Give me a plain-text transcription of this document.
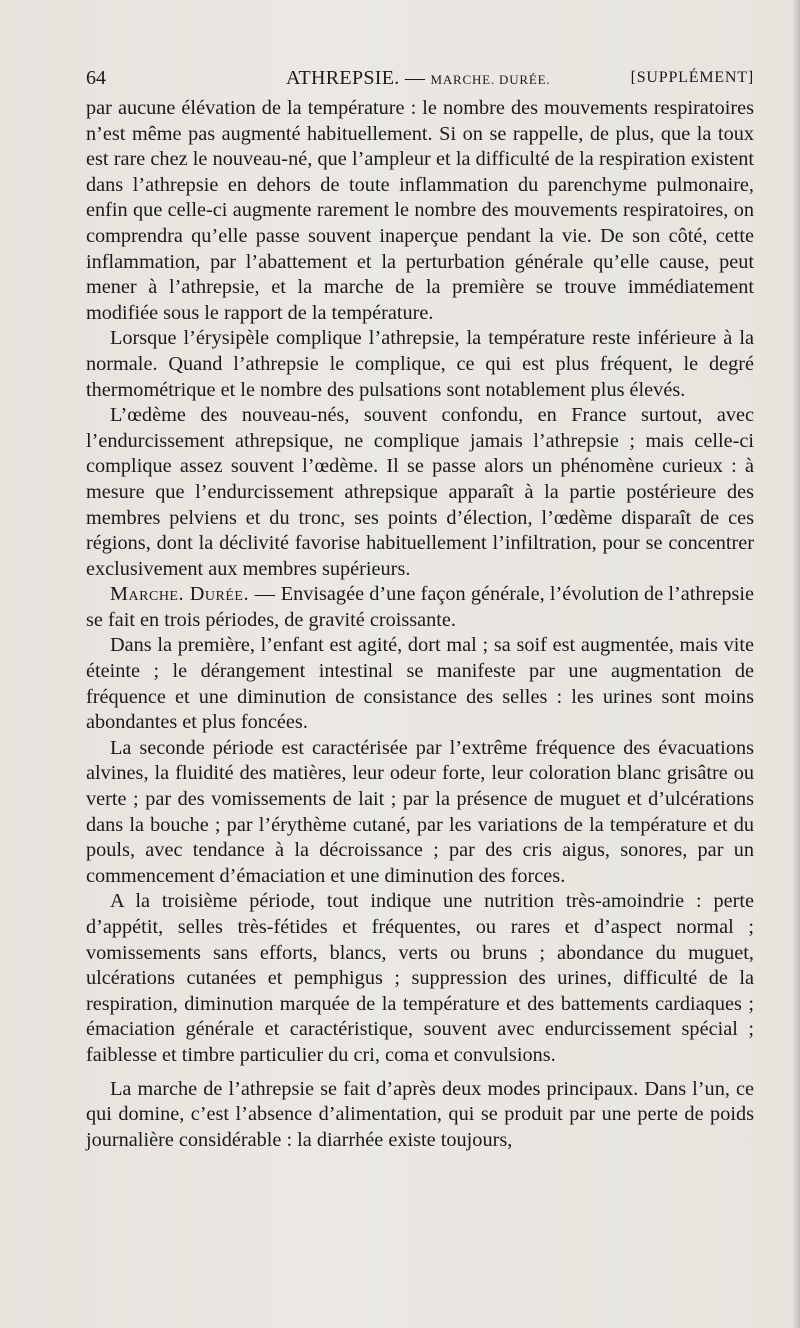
64	ATHREPSIE. — MARCHE. DURÉE.	[SUPPLÉMENT]

par aucune élévation de la température : le nombre des mouvements respiratoires n’est même pas augmenté habituellement. Si on se rappelle, de plus, que la toux est rare chez le nouveau-né, que l’ampleur et la difficulté de la respiration existent dans l’athrepsie en dehors de toute inflammation du parenchyme pulmonaire, enfin que celle-ci augmente rarement le nombre des mouvements respiratoires, on comprendra qu’elle passe souvent inaperçue pendant la vie. De son côté, cette inflammation, par l’abattement et la perturbation générale qu’elle cause, peut mener à l’athrepsie, et la marche de la première se trouve immédiatement modifiée sous le rapport de la température.

Lorsque l’érysipèle complique l’athrepsie, la température reste inférieure à la normale. Quand l’athrepsie le complique, ce qui est plus fréquent, le degré thermométrique et le nombre des pulsations sont notablement plus élevés.

L’œdème des nouveau-nés, souvent confondu, en France surtout, avec l’endurcissement athrepsique, ne complique jamais l’athrepsie ; mais celle-ci complique assez souvent l’œdème. Il se passe alors un phénomène curieux : à mesure que l’endurcissement athrepsique apparaît à la partie postérieure des membres pelviens et du tronc, ses points d’élection, l’œdème disparaît de ces régions, dont la déclivité favorise habituellement l’infiltration, pour se concentrer exclusivement aux membres supérieurs.

Marche. Durée. — Envisagée d’une façon générale, l’évolution de l’athrepsie se fait en trois périodes, de gravité croissante.

Dans la première, l’enfant est agité, dort mal ; sa soif est augmentée, mais vite éteinte ; le dérangement intestinal se manifeste par une augmentation de fréquence et une diminution de consistance des selles : les urines sont moins abondantes et plus foncées.

La seconde période est caractérisée par l’extrême fréquence des évacuations alvines, la fluidité des matières, leur odeur forte, leur coloration blanc grisâtre ou verte ; par des vomissements de lait ; par la présence de muguet et d’ulcérations dans la bouche ; par l’érythème cutané, par les variations de la température et du pouls, avec tendance à la décroissance ; par des cris aigus, sonores, par un commencement d’émaciation et une diminution des forces.

A la troisième période, tout indique une nutrition très-amoindrie : perte d’appétit, selles très-fétides et fréquentes, ou rares et d’aspect normal ; vomissements sans efforts, blancs, verts ou bruns ; abondance du muguet, ulcérations cutanées et pemphigus ; suppression des urines, difficulté de la respiration, diminution marquée de la température et des battements cardiaques ; émaciation générale et caractéristique, souvent avec endurcissement spécial ; faiblesse et timbre particulier du cri, coma et convulsions.

La marche de l’athrepsie se fait d’après deux modes principaux. Dans l’un, ce qui domine, c’est l’absence d’alimentation, qui se produit par une perte de poids journalière considérable : la diarrhée existe toujours,
